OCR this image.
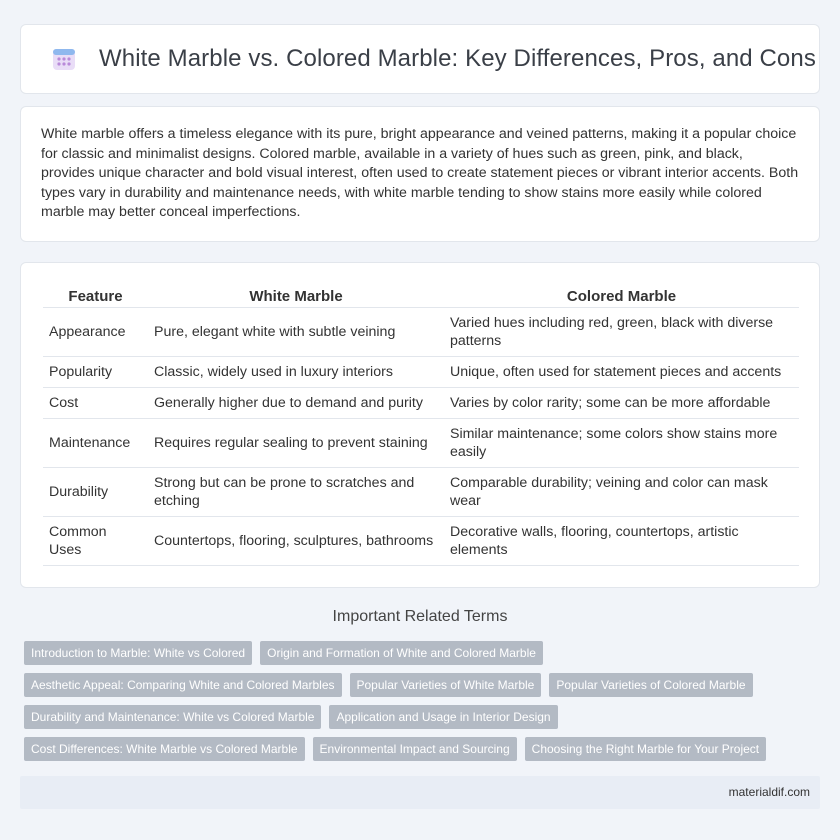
White Marble vs. Colored Marble: Key Differences, Pros, and Cons

White marble offers a timeless elegance with its pure, bright appearance and veined patterns, making it a popular choice for classic and minimalist designs. Colored marble, available in a variety of hues such as green, pink, and black, provides unique character and bold visual interest, often used to create statement pieces or vibrant interior accents. Both types vary in durability and maintenance needs, with white marble tending to show stains more easily while colored marble may better conceal imperfections.

Feature	White Marble	Colored Marble
Appearance	Pure, elegant white with subtle veining	Varied hues including red, green, black with diverse patterns
Popularity	Classic, widely used in luxury interiors	Unique, often used for statement pieces and accents
Cost	Generally higher due to demand and purity	Varies by color rarity; some can be more affordable
Maintenance	Requires regular sealing to prevent staining	Similar maintenance; some colors show stains more easily
Durability	Strong but can be prone to scratches and etching	Comparable durability; veining and color can mask wear
Common Uses	Countertops, flooring, sculptures, bathrooms	Decorative walls, flooring, countertops, artistic elements
Important Related Terms
Introduction to Marble: White vs Colored	Origin and Formation of White and Colored Marble
Aesthetic Appeal: Comparing White and Colored Marbles	Popular Varieties of White Marble	Popular Varieties of Colored Marble
Durability and Maintenance: White vs Colored Marble	Application and Usage in Interior Design
Cost Differences: White Marble vs Colored Marble	Environmental Impact and Sourcing	Choosing the Right Marble for Your Project
materialdif.com
